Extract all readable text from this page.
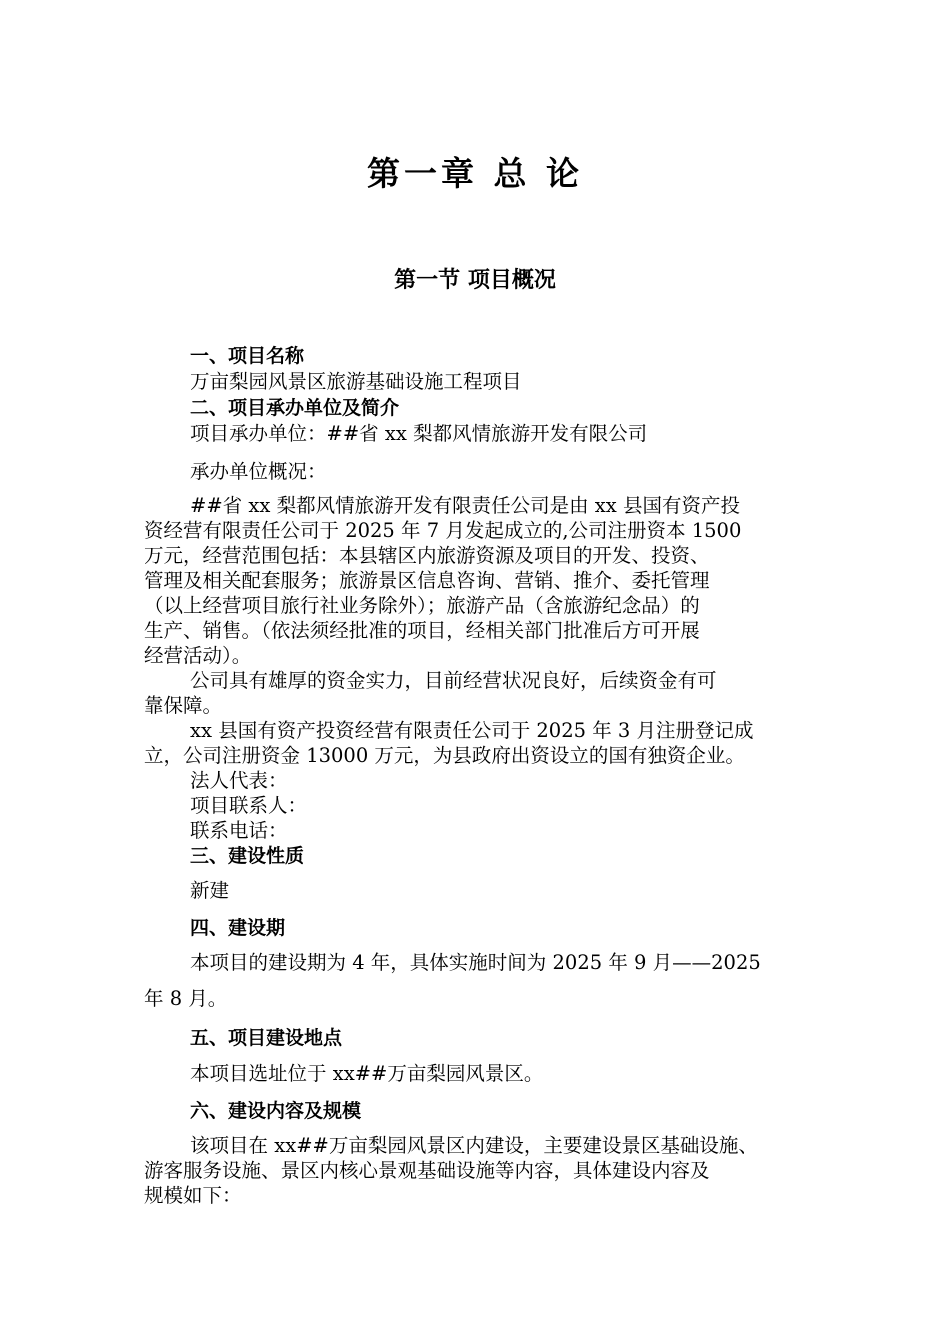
第一章 总 论
第一节 项目概况
一、项目名称
万亩梨园风景区旅游基础设施工程项目
二、项目承办单位及简介
项目承办单位：##省 xx 梨都风情旅游开发有限公司
承办单位概况：
##省 xx 梨都风情旅游开发有限责任公司是由 xx 县国有资产投
资经营有限责任公司于 2025 年 7 月发起成立的,公司注册资本 1500
万元，经营范围包括：本县辖区内旅游资源及项目的开发、投资、
管理及相关配套服务；旅游景区信息咨询、营销、推介、委托管理
（以上经营项目旅行社业务除外）；旅游产品（含旅游纪念品）的
生产、销售。（依法须经批准的项目，经相关部门批准后方可开展
经营活动）。
公司具有雄厚的资金实力，目前经营状况良好，后续资金有可
靠保障。
xx 县国有资产投资经营有限责任公司于 2025 年 3 月注册登记成
立，公司注册资金 13000 万元，为县政府出资设立的国有独资企业。
法人代表：
项目联系人：
联系电话：
三、建设性质
新建
四、建设期
本项目的建设期为 4 年，具体实施时间为 2025 年 9 月——2025
年 8 月。
五、项目建设地点
本项目选址位于 xx##万亩梨园风景区。
六、建设内容及规模
该项目在 xx##万亩梨园风景区内建设，主要建设景区基础设施、
游客服务设施、景区内核心景观基础设施等内容，具体建设内容及
规模如下：
